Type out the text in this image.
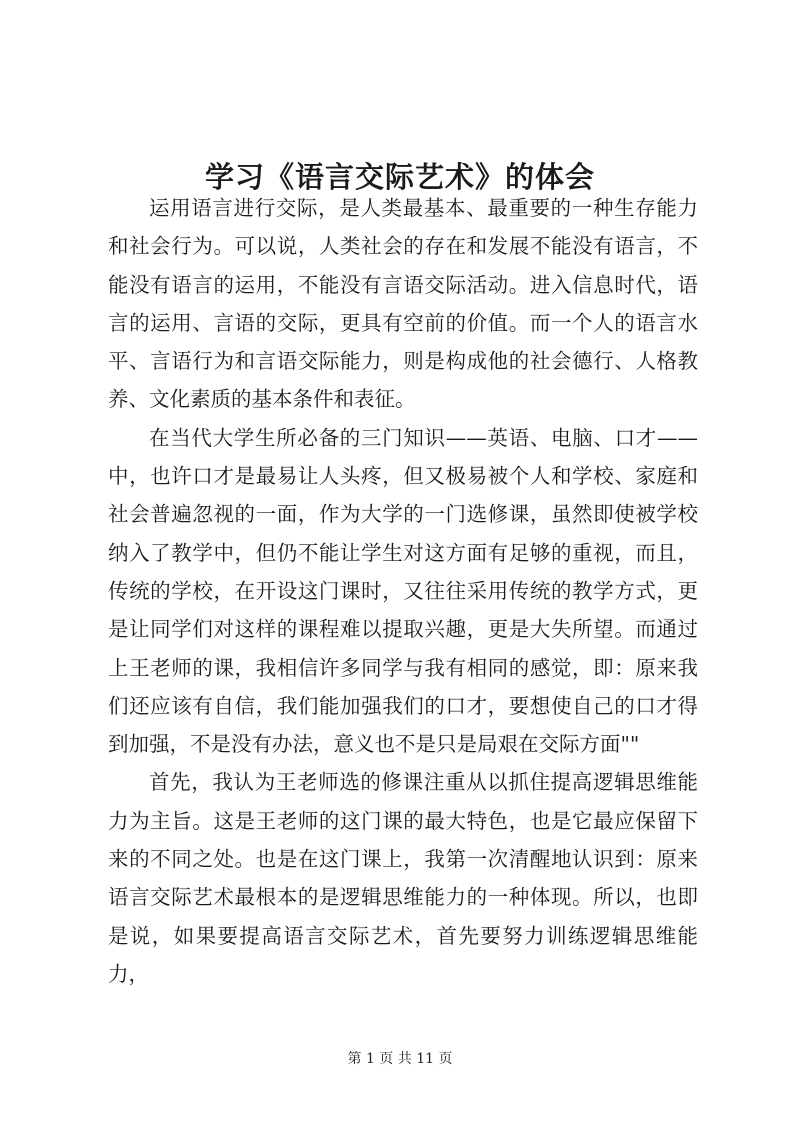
学习《语言交际艺术》的体会

运用语言进行交际，是人类最基本、最重要的一种生存能力和社会行为。可以说，人类社会的存在和发展不能没有语言，不能没有语言的运用，不能没有言语交际活动。进入信息时代，语言的运用、言语的交际，更具有空前的价值。而一个人的语言水平、言语行为和言语交际能力，则是构成他的社会德行、人格教养、文化素质的基本条件和表征。

在当代大学生所必备的三门知识——英语、电脑、口才——中，也许口才是最易让人头疼，但又极易被个人和学校、家庭和社会普遍忽视的一面，作为大学的一门选修课，虽然即使被学校纳入了教学中，但仍不能让学生对这方面有足够的重视，而且，传统的学校，在开设这门课时，又往往采用传统的教学方式，更是让同学们对这样的课程难以提取兴趣，更是大失所望。而通过上王老师的课，我相信许多同学与我有相同的感觉，即：原来我们还应该有自信，我们能加强我们的口才，要想使自己的口才得到加强，不是没有办法，意义也不是只是局艰在交际方面""

首先，我认为王老师选的修课注重从以抓住提高逻辑思维能力为主旨。这是王老师的这门课的最大特色，也是它最应保留下来的不同之处。也是在这门课上，我第一次清醒地认识到：原来语言交际艺术最根本的是逻辑思维能力的一种体现。所以，也即是说，如果要提高语言交际艺术，首先要努力训练逻辑思维能力，

第 1 页 共 11 页
